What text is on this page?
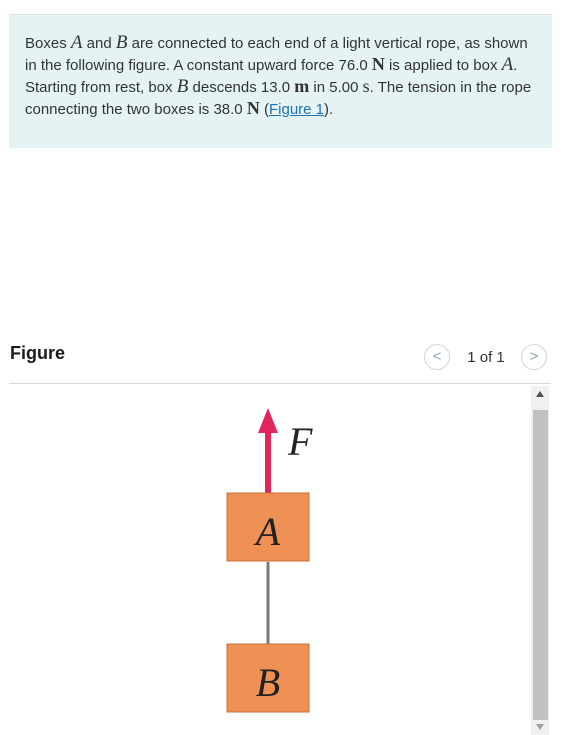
Boxes A and B are connected to each end of a light vertical rope, as shown in the following figure. A constant upward force 76.0 N is applied to box A. Starting from rest, box B descends 13.0 m in 5.00 s. The tension in the rope connecting the two boxes is 38.0 N (Figure 1).
Figure	<	1 of 1	>
F
A
B
